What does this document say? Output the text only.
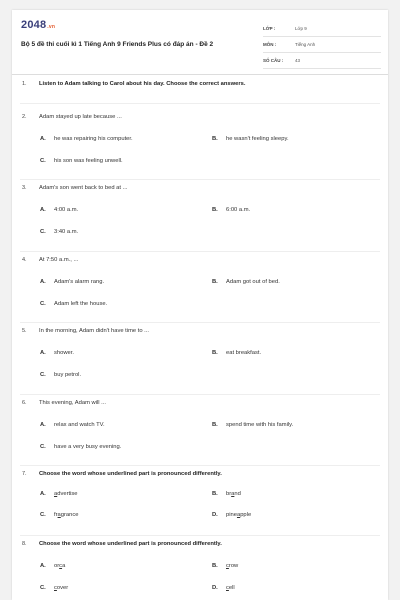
2048.vn
Bộ 5 đề thi cuối kì 1 Tiếng Anh 9 Friends Plus có đáp án - Đề 2
LỚP :	Lớp 9
MÔN :	Tiếng Anh
SỐ CÂU :	43
1. Listen to Adam talking to Carol about his day. Choose the correct answers.
2. Adam stayed up late because ...
A. he was repairing his computer.	B. he wasn't feeling sleepy.
C. his son was feeling unwell.
3. Adam's son went back to bed at ...
A. 4:00 a.m.	B. 6:00 a.m.
C. 3:40 a.m.
4. At 7:50 a.m., ...
A. Adam's alarm rang.	B. Adam got out of bed.
C. Adam left the house.
5. In the morning, Adam didn't have time to ...
A. shower.	B. eat breakfast.
C. buy petrol.
6. This evening, Adam will ...
A. relax and watch TV.	B. spend time with his family.
C. have a very busy evening.
7. Choose the word whose underlined part is pronounced differently.
A. advertise	B. brand
C. fragrance	D. pineapple
8. Choose the word whose underlined part is pronounced differently.
A. orca	B. crow
C. cover	D. cell
